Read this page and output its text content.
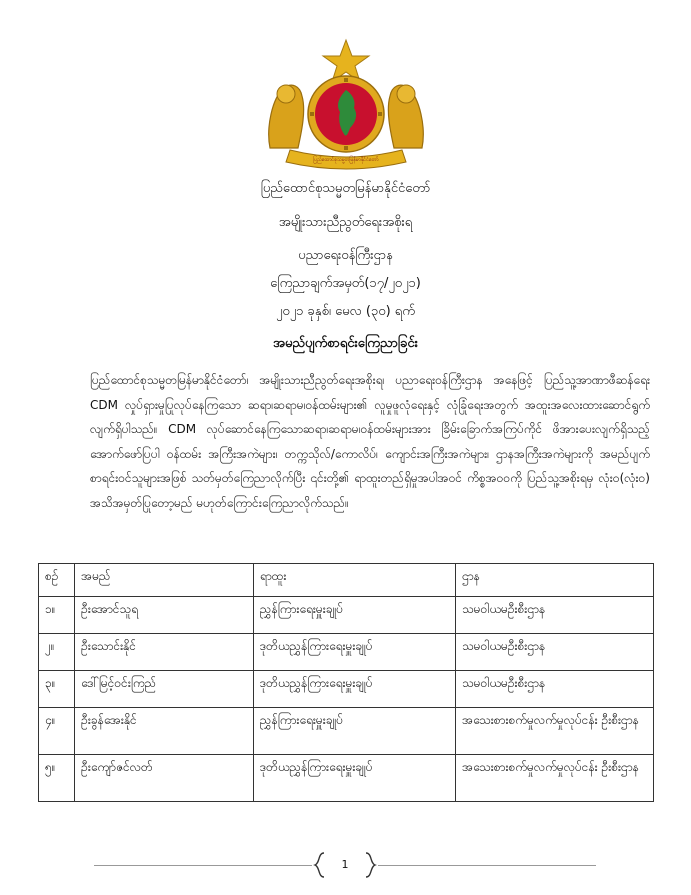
ပြည်ထောင်စုသမ္မတမြန်မာနိုင်ငံတော်
ပြည်ထောင်စုသမ္မတမြန်မာနိုင်ငံတော်
အမျိုးသားညီညွတ်ရေးအစိုးရ
ပညာရေးဝန်ကြီးဌာန
ကြေညာချက်အမှတ်(၁၇/၂၀၂၁)
၂၀၂၁ ခုနှစ်၊ မေလ (၃၀) ရက်
အမည်ပျက်စာရင်းကြေညာခြင်း
ပြည်ထောင်စုသမ္မတမြန်မာနိုင်ငံတော်၊ အမျိုးသားညီညွတ်ရေးအစိုးရ၊ ပညာရေးဝန်ကြီးဌာန အနေဖြင့် ပြည်သူ့အာဏာဖီဆန်ရေး CDM လှုပ်ရှားမှုပြုလုပ်နေကြသော ဆရာ၊ဆရာမ၊ဝန်ထမ်းများ၏ လူမှုဖူလုံရေးနှင့် လုံခြုံရေးအတွက် အထူးအလေးထားဆောင်ရွက်လျက်ရှိပါသည်။ CDM လုပ်ဆောင်နေကြသောဆရာ၊ဆရာမ၊ဝန်ထမ်းများအား ခြိမ်းခြောက်အကြပ်ကိုင် ဖိအားပေးလျက်ရှိသည့် အောက်ဖော်ပြပါ ဝန်ထမ်း အကြီးအကဲများ၊ တက္ကသိုလ်/ကောလိပ်၊ ကျောင်းအကြီးအကဲများ၊ ဌာနအကြီးအကဲများကို အမည်ပျက် စာရင်းဝင်သူများအဖြစ် သတ်မှတ်ကြေညာလိုက်ပြီး ၎င်းတို့၏ ရာထူးတည်ရှိမှုအပါအဝင် ကိစ္စအဝဝကို ပြည်သူ့အစိုးရမှ လုံး၀(လုံး၀) အသိအမှတ်ပြုတော့မည် မဟုတ်ကြောင်းကြေညာလိုက်သည်။
စဉ်	အမည်	ရာထူး	ဌာန
၁။	ဦးအောင်သူရ	ညွှန်ကြားရေးမှူးချုပ်	သမဝါယမဦးစီးဌာန
၂။	ဦးသောင်းနိုင်	ဒုတိယညွှန်ကြားရေးမှူးချုပ်	သမဝါယမဦးစီးဌာန
၃။	ဒေါ်မြင့်ဝင်းကြည်	ဒုတိယညွှန်ကြားရေးမှူးချုပ်	သမဝါယမဦးစီးဌာန
၄။	ဦးခွန်အေးနိုင်	ညွှန်ကြားရေးမှူးချုပ်	အသေးစားစက်မှုလက်မှုလုပ်ငန်း ဦးစီးဌာန
၅။	ဦးကျော်ဇင်လတ်	ဒုတိယညွှန်ကြားရေးမှူးချုပ်	အသေးစားစက်မှုလက်မှုလုပ်ငန်း ဦးစီးဌာန
1
